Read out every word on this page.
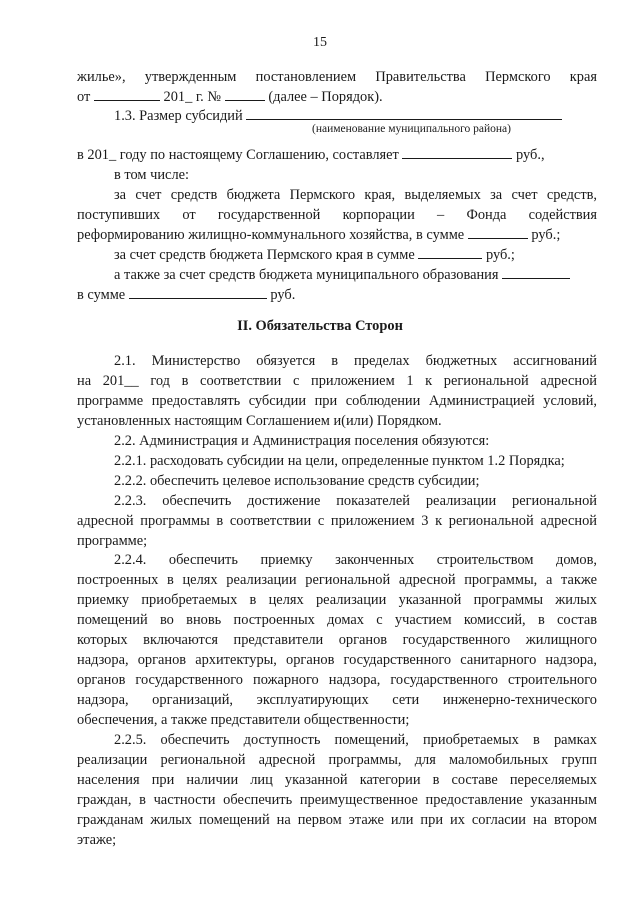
15
жилье», утвержденным постановлением Правительства Пермского края
от	201_ г. №	(далее – Порядок).
1.3. Размер субсидий
(наименование муниципального района)
в 201_ году по настоящему Соглашению, составляет	руб.,
в том числе:
за счет средств бюджета Пермского края, выделяемых за счет средств,
поступивших от государственной корпорации – Фонда содействия
реформированию жилищно-коммунального хозяйства, в сумме	руб.;
за счет средств бюджета Пермского края в сумме	руб.;
а также за счет средств бюджета муниципального образования
в сумме	руб.
II. Обязательства Сторон
2.1. Министерство обязуется в пределах бюджетных ассигнований
на 201__ год в соответствии с приложением 1 к региональной адресной
программе предоставлять субсидии при соблюдении Администрацией условий,
установленных настоящим Соглашением и(или) Порядком.
2.2. Администрация и Администрация поселения обязуются:
2.2.1. расходовать субсидии на цели, определенные пунктом 1.2 Порядка;
2.2.2. обеспечить целевое использование средств субсидии;
2.2.3. обеспечить достижение показателей реализации региональной
адресной программы в соответствии с приложением 3 к региональной адресной
программе;
2.2.4. обеспечить приемку законченных строительством домов,
построенных в целях реализации региональной адресной программы, а также
приемку приобретаемых в целях реализации указанной программы жилых
помещений во вновь построенных домах с участием комиссий, в состав
которых включаются представители органов государственного жилищного
надзора, органов архитектуры, органов государственного санитарного надзора,
органов государственного пожарного надзора, государственного строительного
надзора, организаций, эксплуатирующих сети инженерно-технического
обеспечения, а также представители общественности;
2.2.5. обеспечить доступность помещений, приобретаемых в рамках
реализации региональной адресной программы, для маломобильных групп
населения при наличии лиц указанной категории в составе переселяемых
граждан, в частности обеспечить преимущественное предоставление указанным
гражданам жилых помещений на первом этаже или при их согласии на втором
этаже;
